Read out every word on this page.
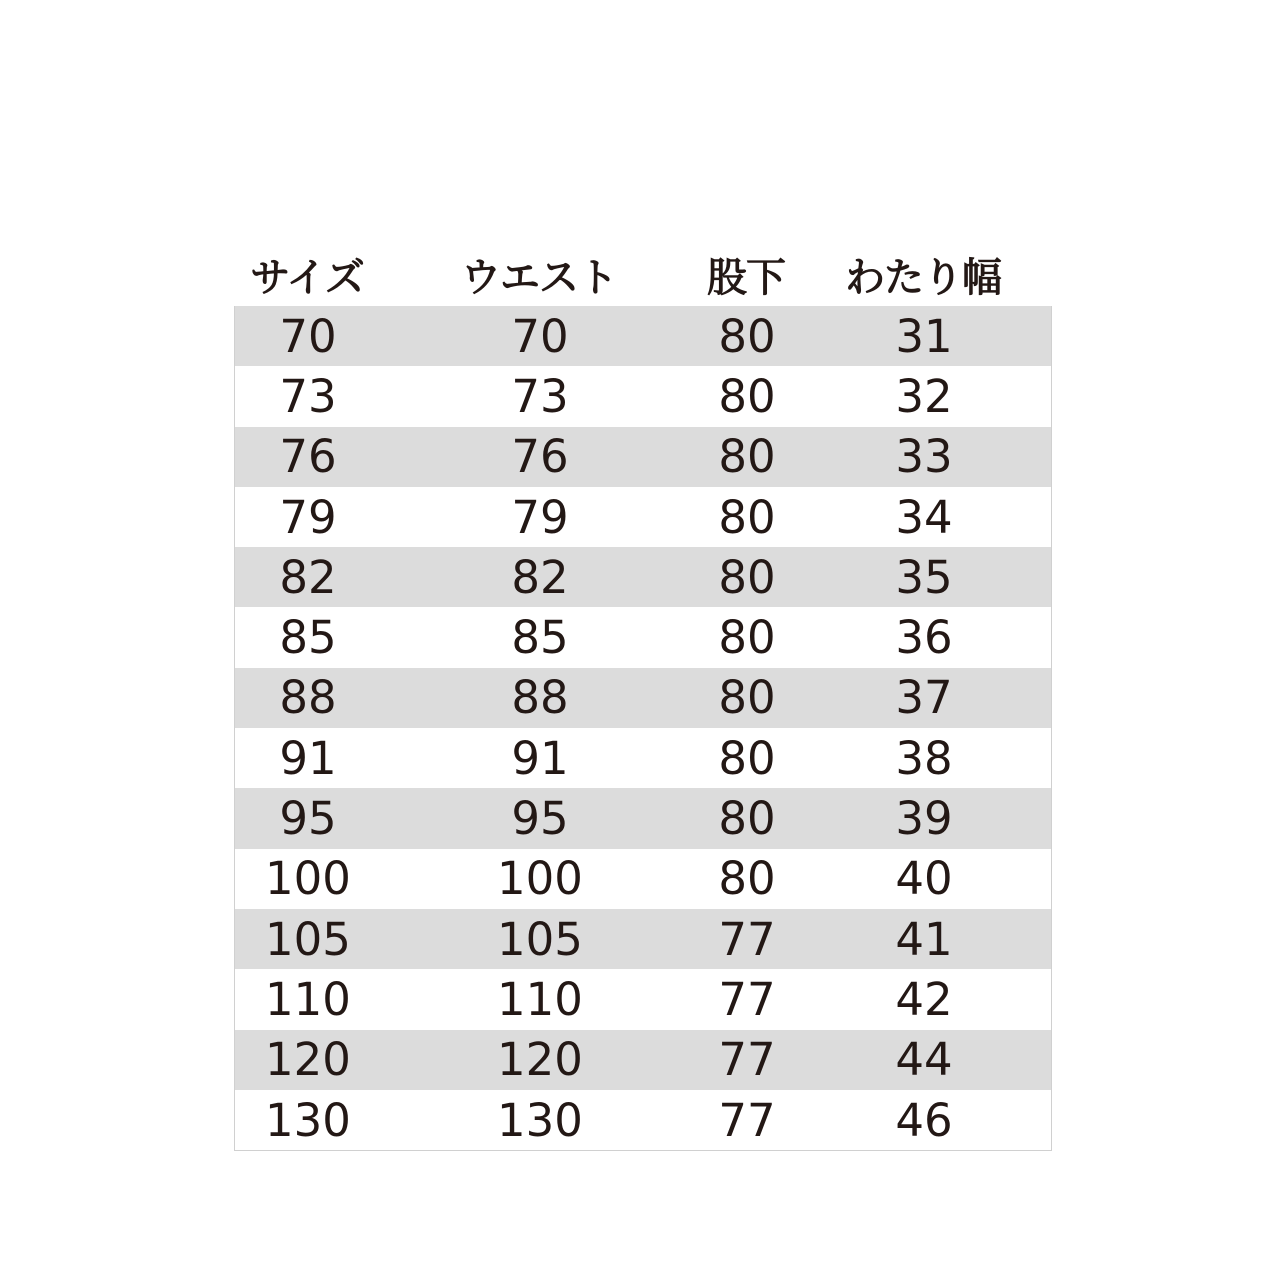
サイズ	ウエスト	股下	わたり幅
70	70	80	31
73	73	80	32
76	76	80	33
79	79	80	34
82	82	80	35
85	85	80	36
88	88	80	37
91	91	80	38
95	95	80	39
100	100	80	40
105	105	77	41
110	110	77	42
120	120	77	44
130	130	77	46
